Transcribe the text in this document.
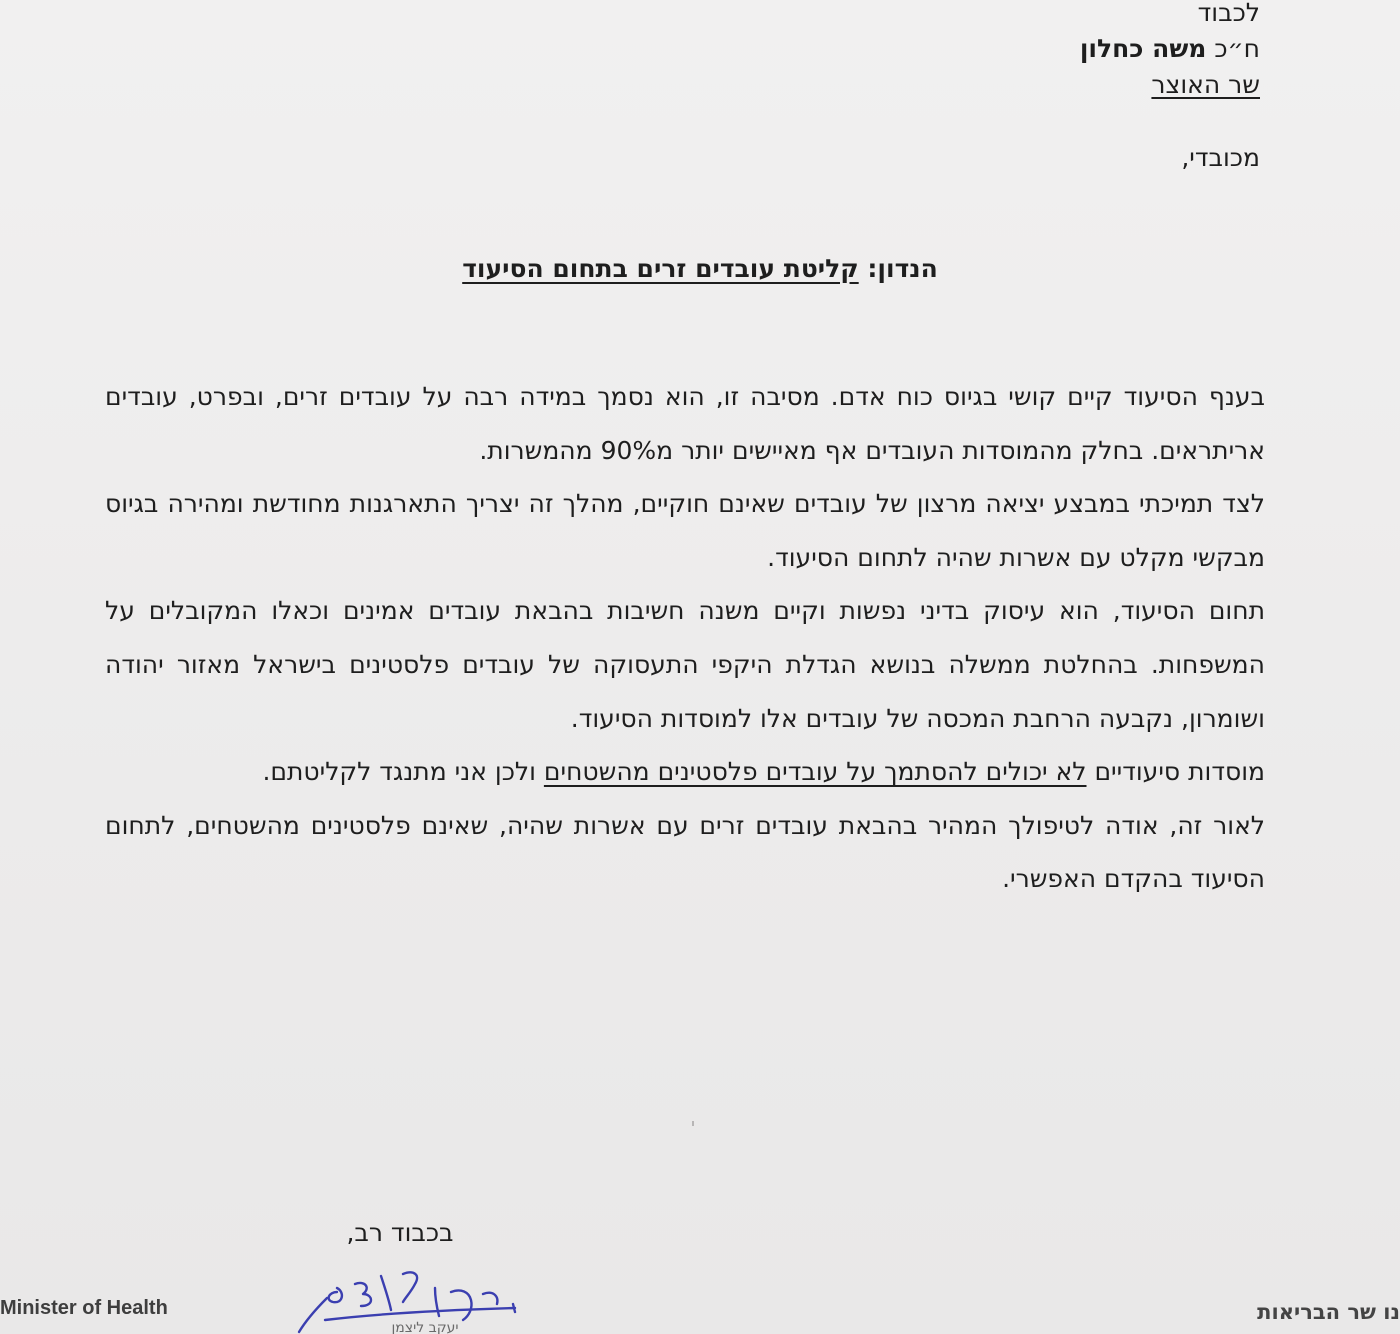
לכבוד
ח״כ משה כחלון
שר האוצר
מכובדי,
הנדון: קליטת עובדים זרים בתחום הסיעוד

בענף הסיעוד קיים קושי בגיוס כוח אדם. מסיבה זו, הוא נסמך במידה רבה על עובדים זרים, ובפרט, עובדים אריתראים. בחלק מהמוסדות העובדים אף מאיישים יותר מ90% מהמשרות.

לצד תמיכתי במבצע יציאה מרצון של עובדים שאינם חוקיים, מהלך זה יצריך התארגנות מחודשת ומהירה בגיוס מבקשי מקלט עם אשרות שהיה לתחום הסיעוד.

תחום הסיעוד, הוא עיסוק בדיני נפשות וקיים משנה חשיבות בהבאת עובדים אמינים וכאלו המקובלים על המשפחות. בהחלטת ממשלה בנושא הגדלת היקפי התעסוקה של עובדים פלסטינים בישראל מאזור יהודה ושומרון, נקבעה הרחבת המכסה של עובדים אלו למוסדות הסיעוד.

מוסדות סיעודיים לא יכולים להסתמך על עובדים פלסטינים מהשטחים ולכן אני מתנגד לקליטתם.

לאור זה, אודה לטיפולך המהיר בהבאת עובדים זרים עם אשרות שהיה, שאינם פלסטינים מהשטחים, לתחום הסיעוד בהקדם האפשרי.

בכבוד רב,
יעקב ליצמן
Minister of Health	נו שר הבריאות
